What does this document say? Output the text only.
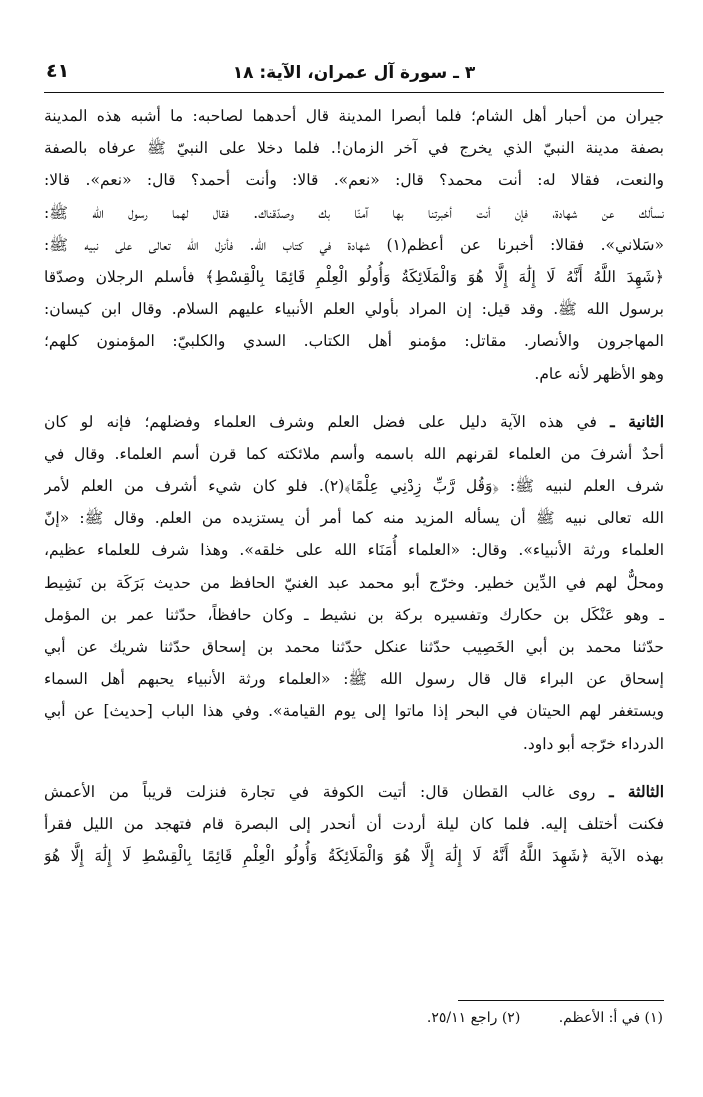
٣ ـ سورة آل عمران، الآية: ١٨
٤١
جيران من أحبار أهل الشام؛ فلما أبصرا المدينة قال أحدهما لصاحبه: ما أشبه هذه المدينة
بصفة مدينة النبيّ الذي يخرج في آخر الزمان!. فلما دخلا على النبيّ ﷺ عرفاه بالصفة
والنعت، فقالا له: أنت محمد؟ قال: «نعم». قالا: وأنت أحمد؟ قال: «نعم». قالا:
نسألك عن شهادة، فإن أنت أخبرتنا بها آمنّا بك وصدّقناك. فقال لهما رسول الله ﷺ:
«سَلاني». فقالا: أخبرنا عن أعظم(١) شهادة في كتاب الله. فأنزل الله تعالى على نبيه ﷺ:
﴿شَهِدَ اللَّهُ أَنَّهُ لَا إِلَٰهَ إِلَّا هُوَ وَالْمَلَائِكَةُ وَأُولُو الْعِلْمِ قَائِمًا بِالْقِسْطِ﴾ فأسلم الرجلان وصدّقا
برسول الله ﷺ. وقد قيل: إن المراد بأولي العلم الأنبياء عليهم السلام. وقال ابن كيسان:
المهاجرون والأنصار. مقاتل: مؤمنو أهل الكتاب. السدي والكلبيّ: المؤمنون كلهم؛
وهو الأظهر لأنه عام.
الثانية ـ في هذه الآية دليل على فضل العلم وشرف العلماء وفضلهم؛ فإنه لو كان
أحدٌ أشرفَ من العلماء لقرنهم الله باسمه وأسم ملائكته كما قرن أسم العلماء. وقال في
شرف العلم لنبيه ﷺ: ﴿وَقُل رَّبِّ زِدْنِي عِلْمًا﴾(٢). فلو كان شيء أشرف من العلم لأمر
الله تعالى نبيه ﷺ أن يسأله المزيد منه كما أمر أن يستزيده من العلم. وقال ﷺ: «إنّ
العلماء ورثة الأنبياء». وقال: «العلماء أُمَنَاء الله على خلقه». وهذا شرف للعلماء عظيم،
ومحلٌّ لهم في الدِّين خطير. وخرّج أبو محمد عبد الغنيّ الحافظ من حديث بَرَكَة بن نَشِيط
ـ وهو عَنْكَل بن حكارك وتفسيره بركة بن نشيط ـ وكان حافظاً، حدّثنا عمر بن المؤمل
حدّثنا محمد بن أبي الخَصِيب حدّثنا عنكل حدّثنا محمد بن إسحاق حدّثنا شريك عن أبي
إسحاق عن البراء قال قال رسول الله ﷺ: «العلماء ورثة الأنبياء يحبهم أهل السماء
ويستغفر لهم الحيتان في البحر إذا ماتوا إلى يوم القيامة». وفي هذا الباب [حديث] عن أبي
الدرداء خرّجه أبو داود.
الثالثة ـ روى غالب القطان قال: أتيت الكوفة في تجارة فنزلت قريباً من الأعمش
فكنت أختلف إليه. فلما كان ليلة أردت أن أنحدر إلى البصرة قام فتهجد من الليل فقرأ
بهذه الآية ﴿شَهِدَ اللَّهُ أَنَّهُ لَا إِلَٰهَ إِلَّا هُوَ وَالْمَلَائِكَةُ وَأُولُو الْعِلْمِ قَائِمًا بِالْقِسْطِ لَا إِلَٰهَ إِلَّا هُوَ
(١) في أ: الأعظم. (٢) راجع ٢٥/١١.
